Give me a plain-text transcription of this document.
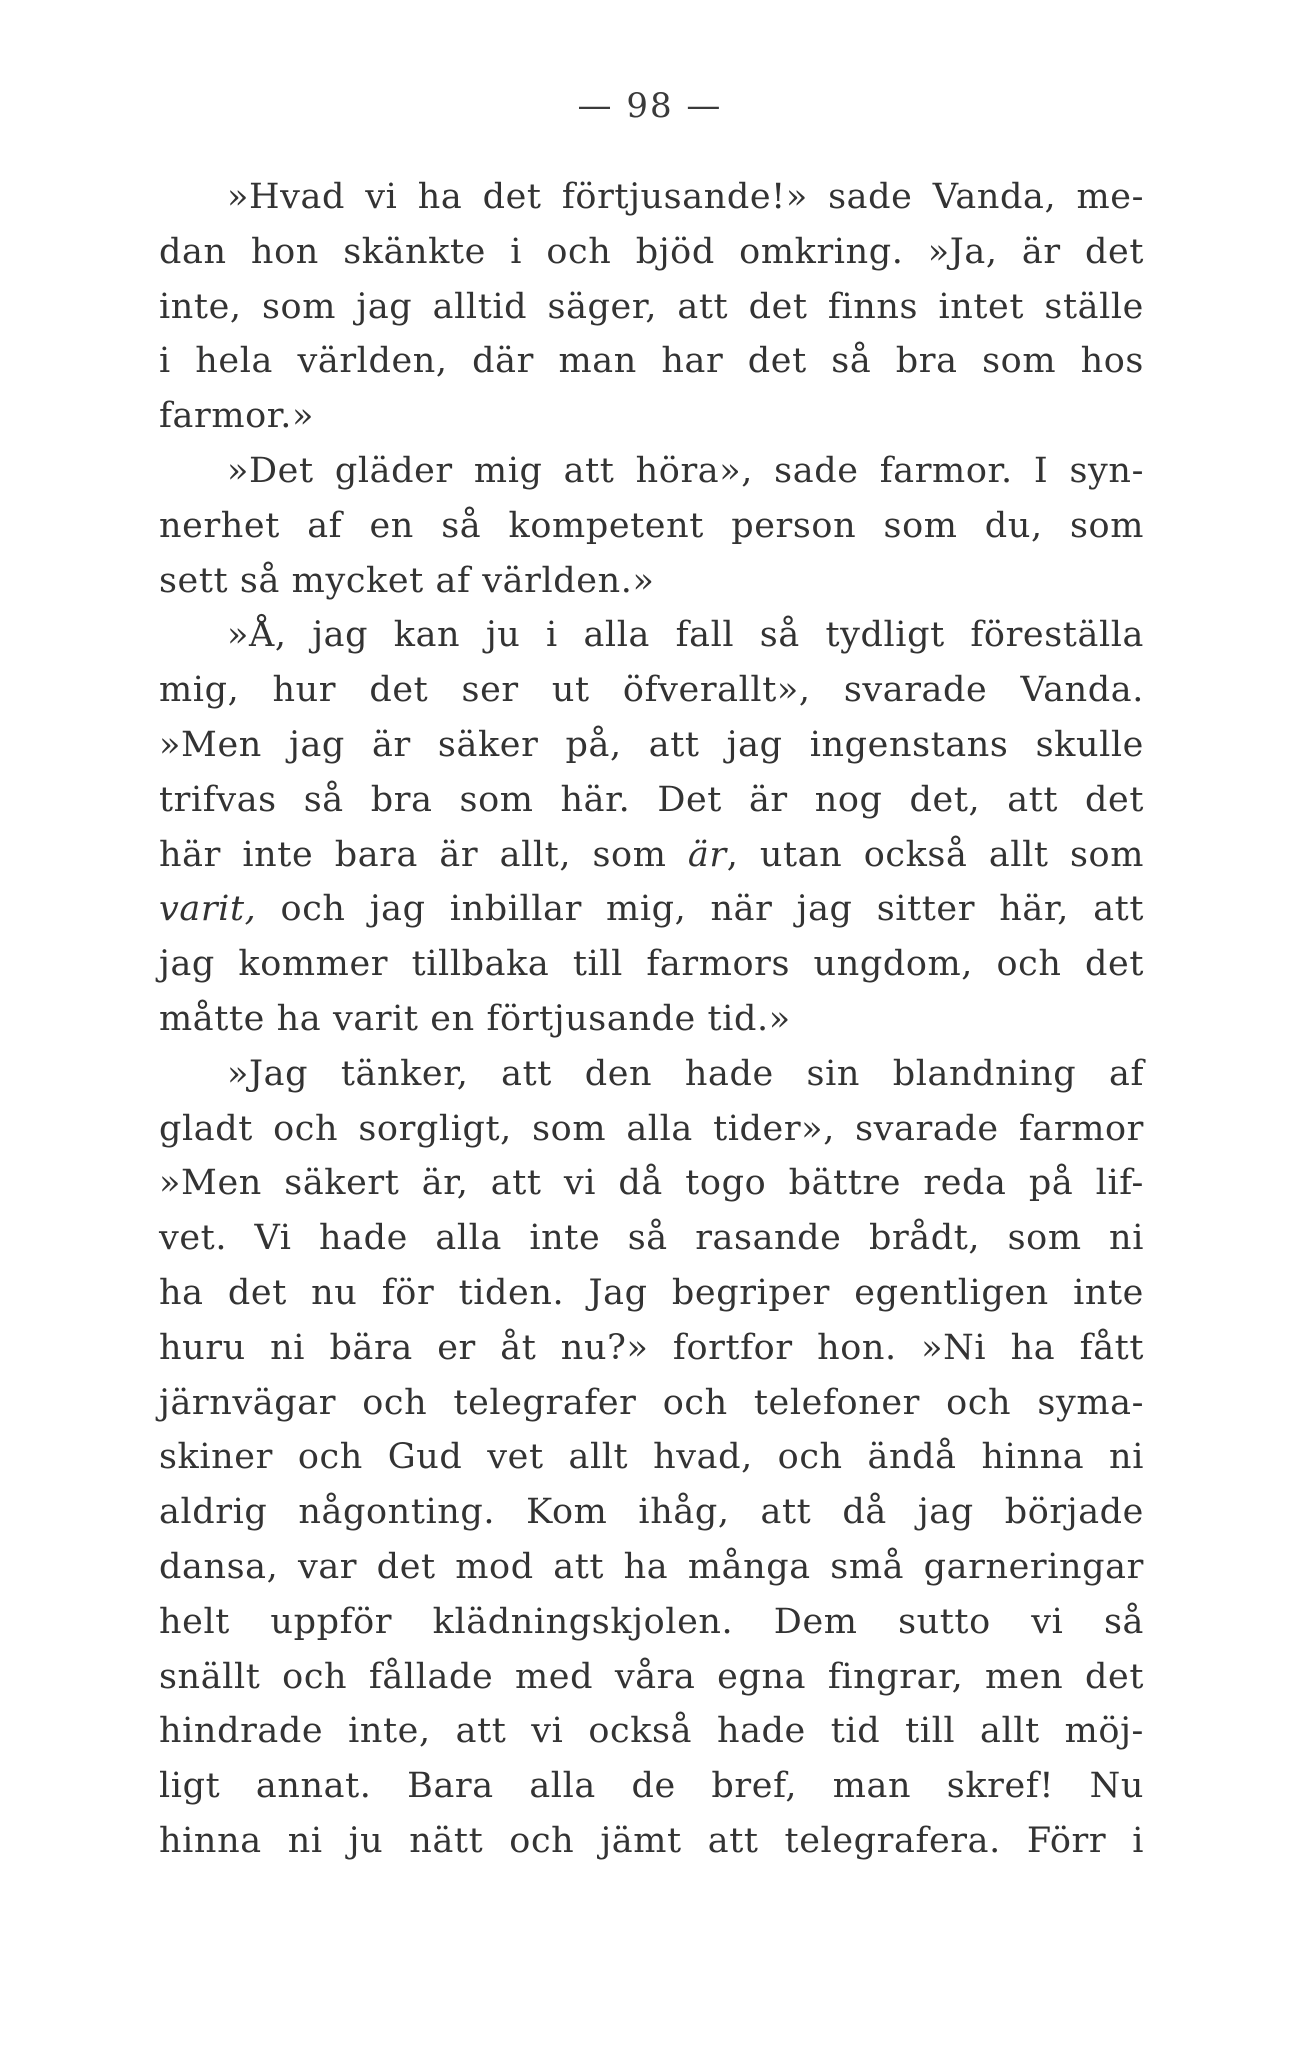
— 98 —
»Hvad vi ha det förtjusande!» sade Vanda, me-
dan hon skänkte i och bjöd omkring. »Ja, är det
inte, som jag alltid säger, att det finns intet ställe
i hela världen, där man har det så bra som hos
farmor.»
»Det gläder mig att höra», sade farmor. I syn-
nerhet af en så kompetent person som du, som
sett så mycket af världen.»
»Å, jag kan ju i alla fall så tydligt föreställa
mig, hur det ser ut öfverallt», svarade Vanda.
»Men jag är säker på, att jag ingenstans skulle
trifvas så bra som här. Det är nog det, att det
här inte bara är allt, som är, utan också allt som
varit, och jag inbillar mig, när jag sitter här, att
jag kommer tillbaka till farmors ungdom, och det
måtte ha varit en förtjusande tid.»
»Jag tänker, att den hade sin blandning af
gladt och sorgligt, som alla tider», svarade farmor
»Men säkert är, att vi då togo bättre reda på lif-
vet. Vi hade alla inte så rasande brådt, som ni
ha det nu för tiden. Jag begriper egentligen inte
huru ni bära er åt nu?» fortfor hon. »Ni ha fått
järnvägar och telegrafer och telefoner och syma-
skiner och Gud vet allt hvad, och ändå hinna ni
aldrig någonting. Kom ihåg, att då jag började
dansa, var det mod att ha många små garneringar
helt uppför klädningskjolen. Dem sutto vi så
snällt och fållade med våra egna fingrar, men det
hindrade inte, att vi också hade tid till allt möj-
ligt annat. Bara alla de bref, man skref! Nu
hinna ni ju nätt och jämt att telegrafera. Förr i
